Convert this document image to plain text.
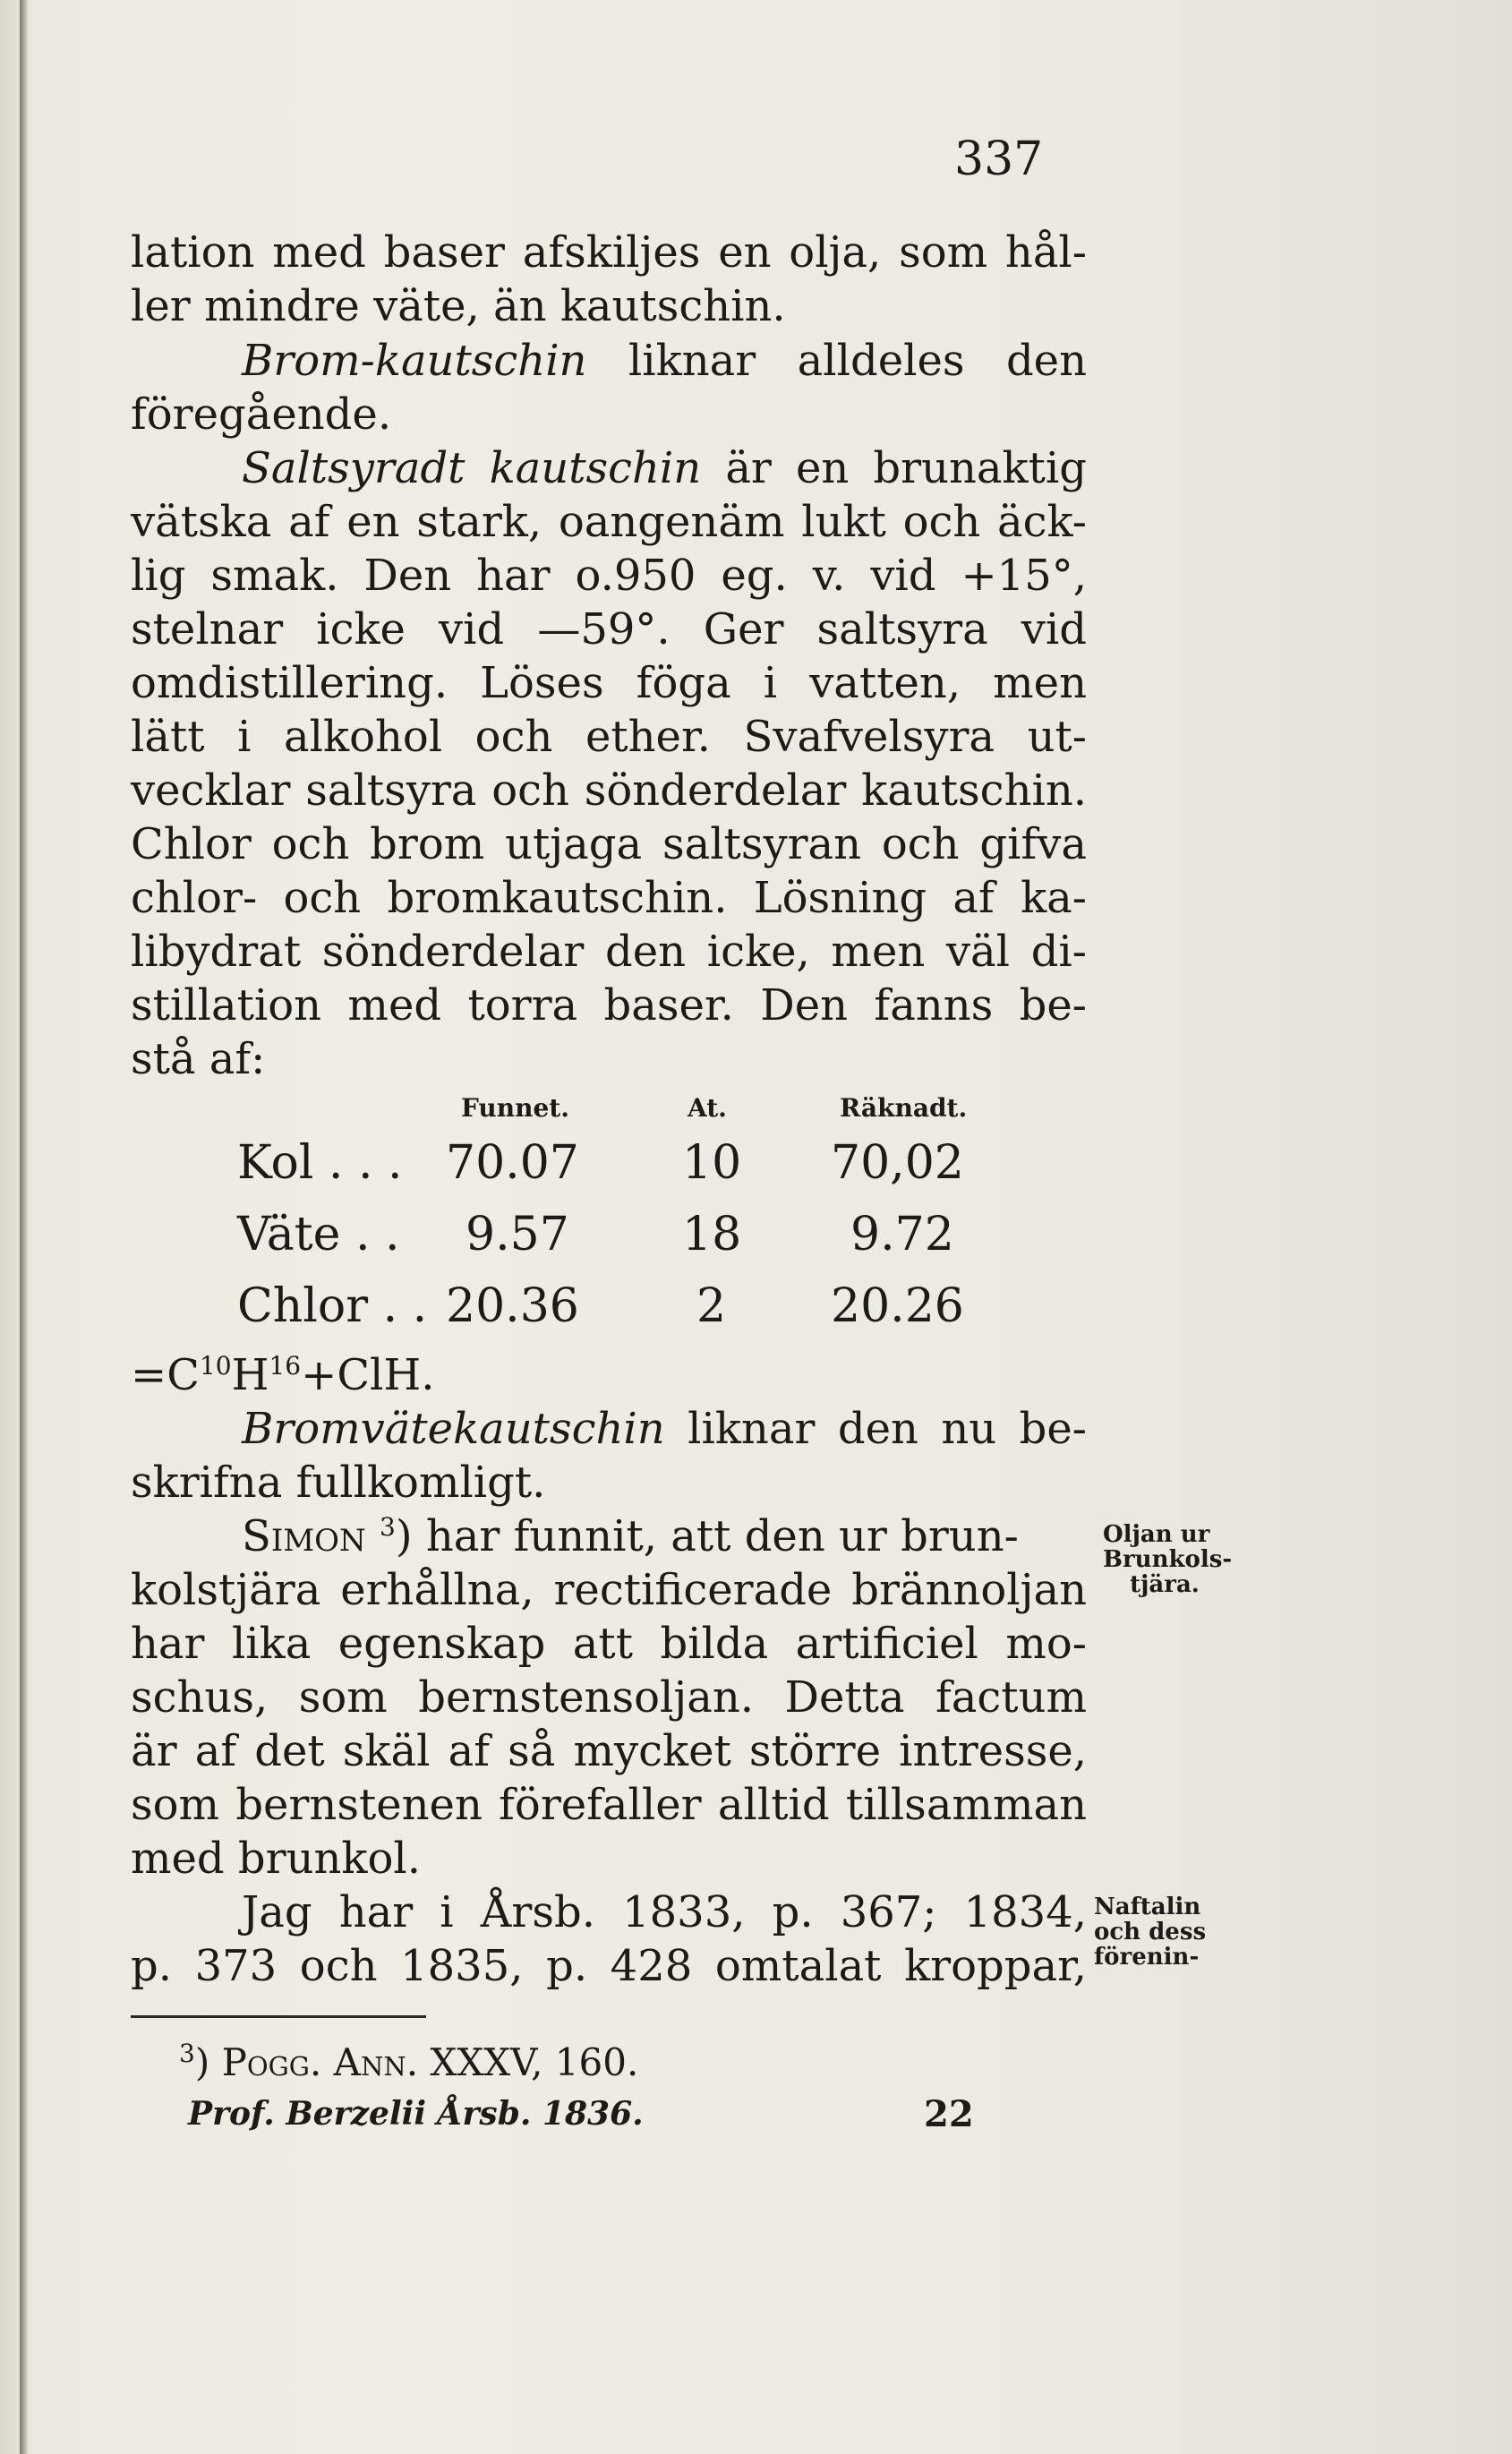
337
lation med baser afskiljes en olja, som hål-
ler mindre väte, än kautschin.
Brom-kautschin liknar alldeles den
föregående.
Saltsyradt kautschin är en brunaktig
vätska af en stark, oangenäm lukt och äck-
lig smak. Den har o.950 eg. v. vid +15°,
stelnar icke vid —59°. Ger saltsyra vid
omdistillering. Löses föga i vatten, men
lätt i alkohol och ether. Svafvelsyra ut-
vecklar saltsyra och sönderdelar kautschin.
Chlor och brom utjaga saltsyran och gifva
chlor- och bromkautschin. Lösning af ka-
libydrat sönderdelar den icke, men väl di-
stillation med torra baser. Den fanns be-
stå af:
Funnet.	At.	Räknadt.
Kol . . . 70.07 10 70,02
Väte . . 9.57 18 9.72
Chlor . . 20.36	2 20.26
$=C^{10}H^{16}+ClH$.
Bromvätekautschin liknar den nu be-
skrifna fullkomligt.
Simon $^3$) har funnit, att den ur brun-
kolstjära erhållna, rectificerade brännoljan
har lika egenskap att bilda artificiel mo-
schus, som bernstensoljan. Detta factum
är af det skäl af så mycket större intresse,
som bernstenen förefaller alltid tillsamman
med brunkol.
Jag har i Årsb. 1833, p. 367; 1834,
p. 373 och 1835, p. 428 omtalat kroppar,
Oljan ur
Brunkols-
tjära.
Naftalin
och dess
förenin-
$^3$) Pogg. Ann. XXXV, 160.
Prof. Berzelii Årsb. 1836.	22
